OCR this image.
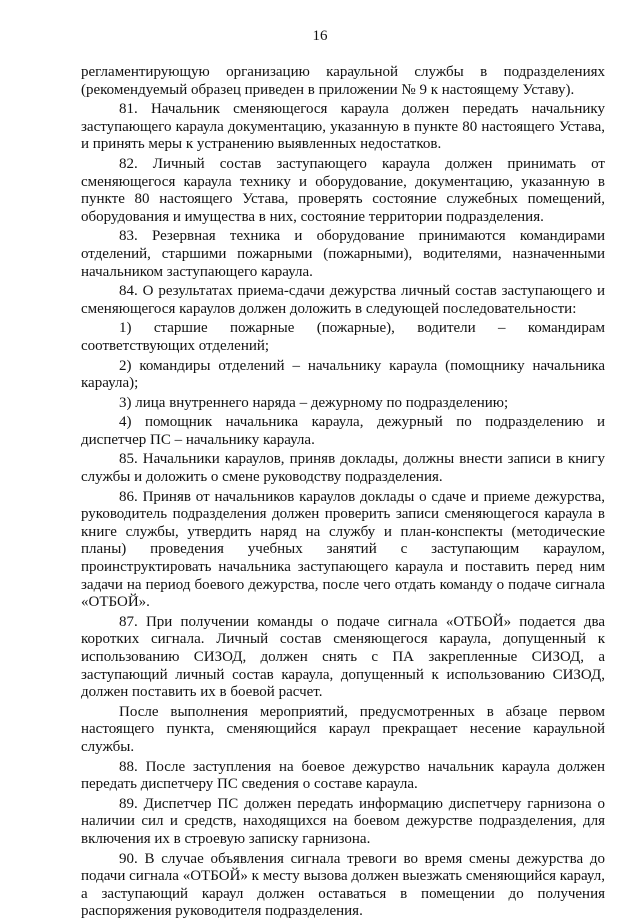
16

регламентирующую организацию караульной службы в подразделениях (рекомендуемый образец приведен в приложении № 9 к настоящему Уставу).

81. Начальник сменяющегося караула должен передать начальнику заступающего караула документацию, указанную в пункте 80 настоящего Устава, и принять меры к устранению выявленных недостатков.

82. Личный состав заступающего караула должен принимать от сменяющегося караула технику и оборудование, документацию, указанную в пункте 80 настоящего Устава, проверять состояние служебных помещений, оборудования и имущества в них, состояние территории подразделения.

83. Резервная техника и оборудование принимаются командирами отделений, старшими пожарными (пожарными), водителями, назначенными начальником заступающего караула.

84. О результатах приема-сдачи дежурства личный состав заступающего и сменяющегося караулов должен доложить в следующей последовательности:

1) старшие пожарные (пожарные), водители – командирам соответствующих отделений;

2) командиры отделений – начальнику караула (помощнику начальника караула);

3) лица внутреннего наряда – дежурному по подразделению;

4) помощник начальника караула, дежурный по подразделению и диспетчер ПС – начальнику караула.

85. Начальники караулов, приняв доклады, должны внести записи в книгу службы и доложить о смене руководству подразделения.

86. Приняв от начальников караулов доклады о сдаче и приеме дежурства, руководитель подразделения должен проверить записи сменяющегося караула в книге службы, утвердить наряд на службу и план-конспекты (методические планы) проведения учебных занятий с заступающим караулом, проинструктировать начальника заступающего караула и поставить перед ним задачи на период боевого дежурства, после чего отдать команду о подаче сигнала «ОТБОЙ».

87. При получении команды о подаче сигнала «ОТБОЙ» подается два коротких сигнала. Личный состав сменяющегося караула, допущенный к использованию СИЗОД, должен снять с ПА закрепленные СИЗОД, а заступающий личный состав караула, допущенный к использованию СИЗОД, должен поставить их в боевой расчет.

После выполнения мероприятий, предусмотренных в абзаце первом настоящего пункта, сменяющийся караул прекращает несение караульной службы.

88. После заступления на боевое дежурство начальник караула должен передать диспетчеру ПС сведения о составе караула.

89. Диспетчер ПС должен передать информацию диспетчеру гарнизона о наличии сил и средств, находящихся на боевом дежурстве подразделения, для включения их в строевую записку гарнизона.

90. В случае объявления сигнала тревоги во время смены дежурства до подачи сигнала «ОТБОЙ» к месту вызова должен выезжать сменяющийся караул, а заступающий караул должен оставаться в помещении до получения распоряжения руководителя подразделения.
